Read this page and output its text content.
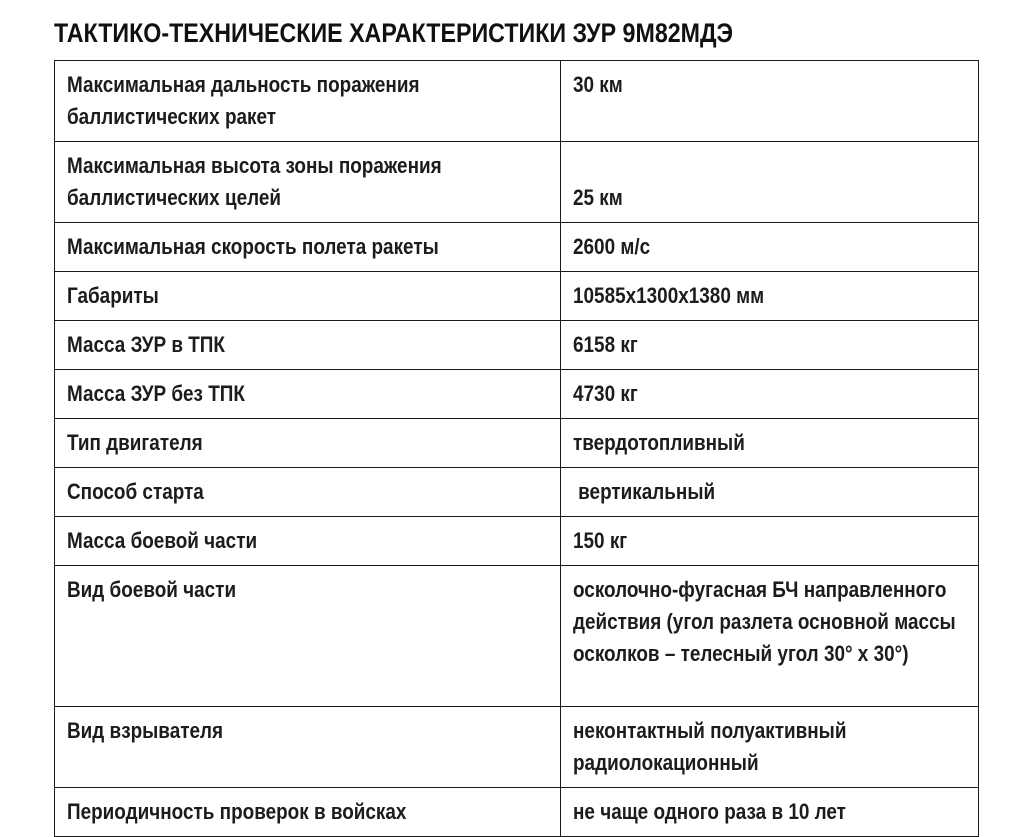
ТАКТИКО-ТЕХНИЧЕСКИЕ ХАРАКТЕРИСТИКИ ЗУР 9М82МДЭ
Максимальная дальность поражения баллистических ракет	30 км
Максимальная высота зоны поражения баллистических целей	25 км
Максимальная скорость полета ракеты	2600 м/с
Габариты	10585x1300x1380 мм
Масса ЗУР в ТПК	6158 кг
Масса ЗУР без ТПК	4730 кг
Тип двигателя	твердотопливный
Способ старта	вертикальный
Масса боевой части	150 кг
Вид боевой части	осколочно-фугасная БЧ направленного действия (угол разлета основной массы осколков – телесный угол 30° х 30°)
Вид взрывателя	неконтактный полуактивный радиолокационный
Периодичность проверок в войсках	не чаще одного раза в 10 лет
